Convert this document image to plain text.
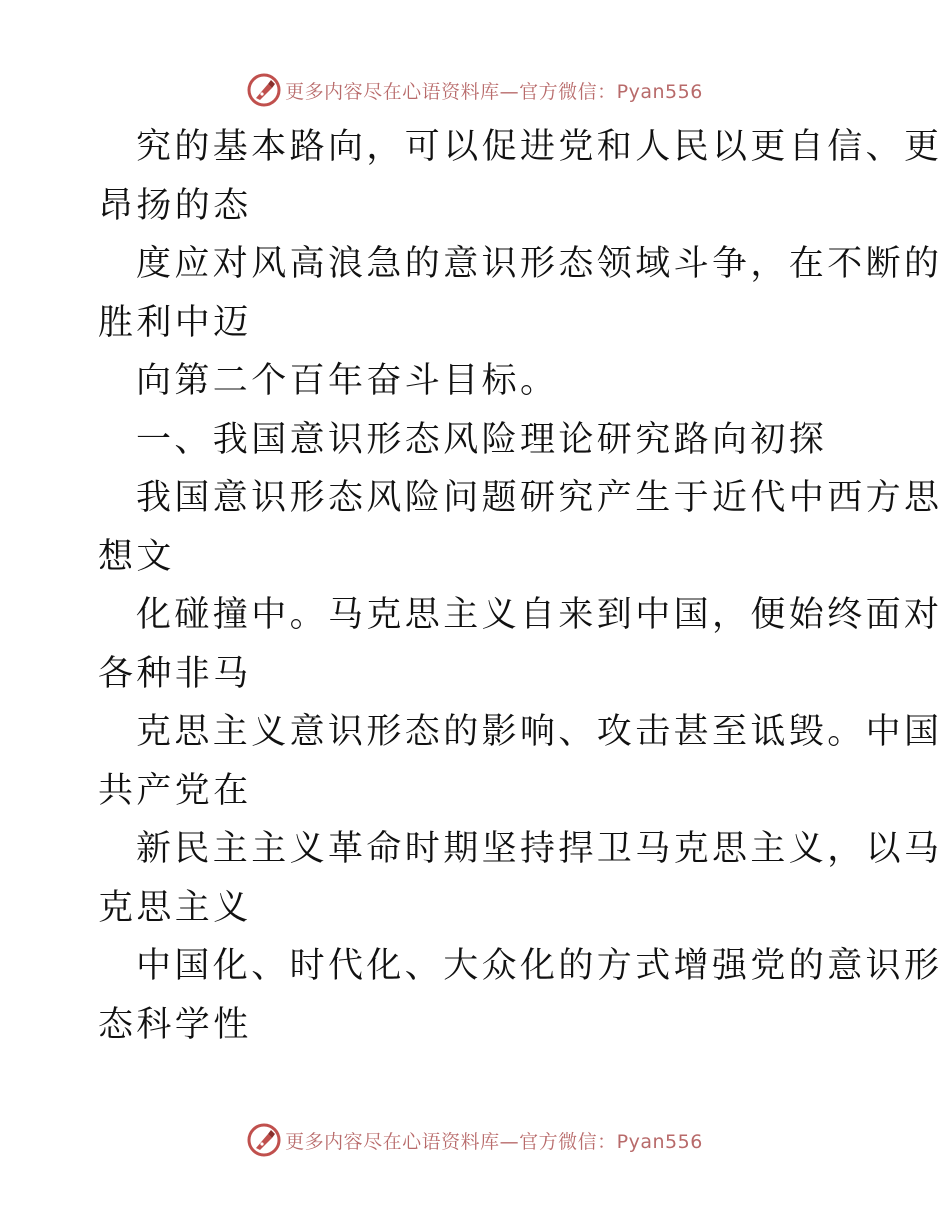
更多内容尽在心语资料库—官方微信：Pyan556
究的基本路向，可以促进党和人民以更自信、更
昂扬的态
度应对风高浪急的意识形态领域斗争，在不断的
胜利中迈
向第二个百年奋斗目标。
一、我国意识形态风险理论研究路向初探
我国意识形态风险问题研究产生于近代中西方思
想文
化碰撞中。马克思主义自来到中国，便始终面对
各种非马
克思主义意识形态的影响、攻击甚至诋毁。中国
共产党在
新民主主义革命时期坚持捍卫马克思主义，以马
克思主义
中国化、时代化、大众化的方式增强党的意识形
态科学性
更多内容尽在心语资料库—官方微信：Pyan556
